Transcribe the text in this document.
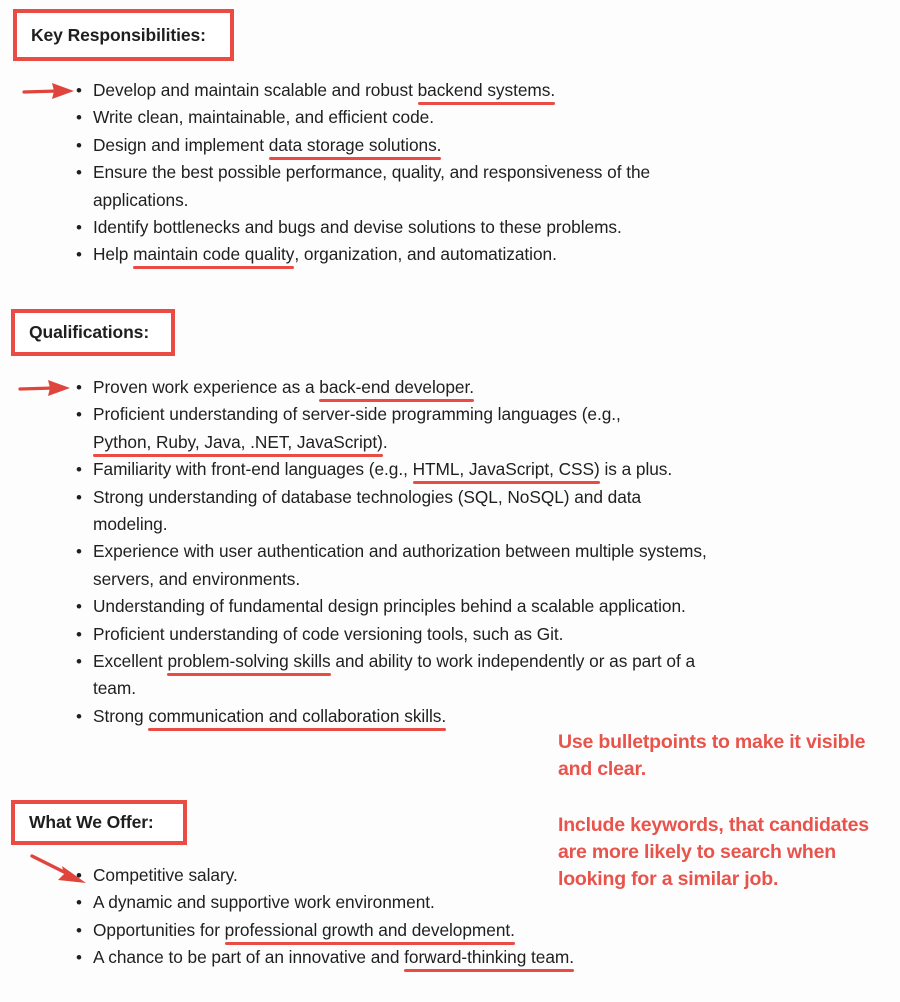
Key Responsibilities:
• Develop and maintain scalable and robust backend systems.
• Write clean, maintainable, and efficient code.
• Design and implement data storage solutions.
• Ensure the best possible performance, quality, and responsiveness of the applications.
• Identify bottlenecks and bugs and devise solutions to these problems.
• Help maintain code quality, organization, and automatization.
Qualifications:
• Proven work experience as a back-end developer.
• Proficient understanding of server-side programming languages (e.g., Python, Ruby, Java, .NET, JavaScript).
• Familiarity with front-end languages (e.g., HTML, JavaScript, CSS) is a plus.
• Strong understanding of database technologies (SQL, NoSQL) and data modeling.
• Experience with user authentication and authorization between multiple systems, servers, and environments.
• Understanding of fundamental design principles behind a scalable application.
• Proficient understanding of code versioning tools, such as Git.
• Excellent problem-solving skills and ability to work independently or as part of a team.
• Strong communication and collaboration skills.
What We Offer:
• Competitive salary.
• A dynamic and supportive work environment.
• Opportunities for professional growth and development.
• A chance to be part of an innovative and forward-thinking team.
Use bulletpoints to make it visible and clear.
Include keywords, that candidates are more likely to search when looking for a similar job.
